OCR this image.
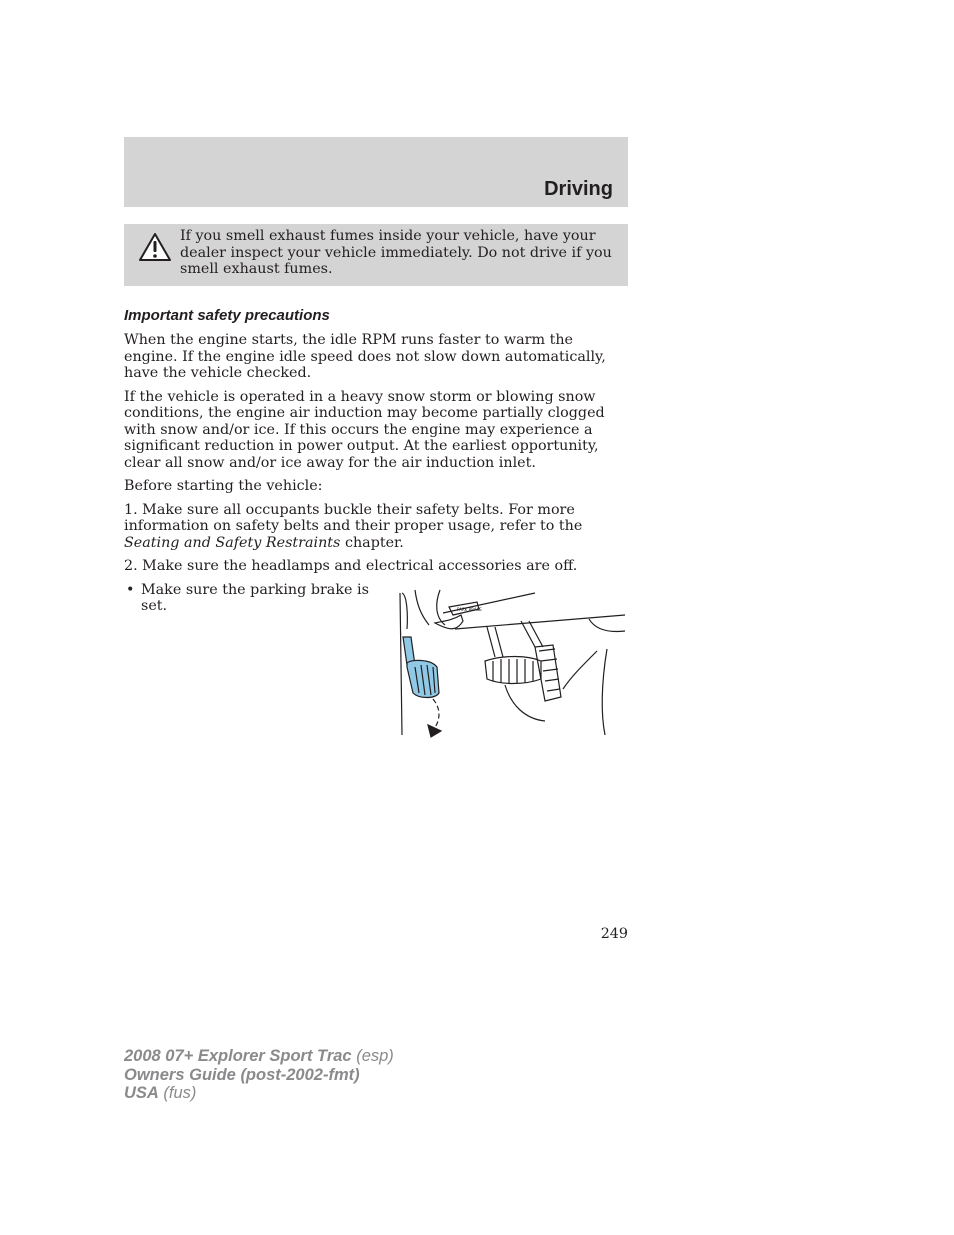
Driving

If you smell exhaust fumes inside your vehicle, have your dealer inspect your vehicle immediately. Do not drive if you smell exhaust fumes.

Important safety precautions

When the engine starts, the idle RPM runs faster to warm the engine. If the engine idle speed does not slow down automatically, have the vehicle checked.

If the vehicle is operated in a heavy snow storm or blowing snow conditions, the engine air induction may become partially clogged with snow and/or ice. If this occurs the engine may experience a significant reduction in power output. At the earliest opportunity, clear all snow and/or ice away for the air induction inlet.

Before starting the vehicle:

1. Make sure all occupants buckle their safety belts. For more information on safety belts and their proper usage, refer to the Seating and Safety Restraints chapter.

2. Make sure the headlamps and electrical accessories are off.

• Make sure the parking brake is set.	PARK BRAKE
249
2008 07+ Explorer Sport Trac (esp)
Owners Guide (post-2002-fmt)
USA (fus)
